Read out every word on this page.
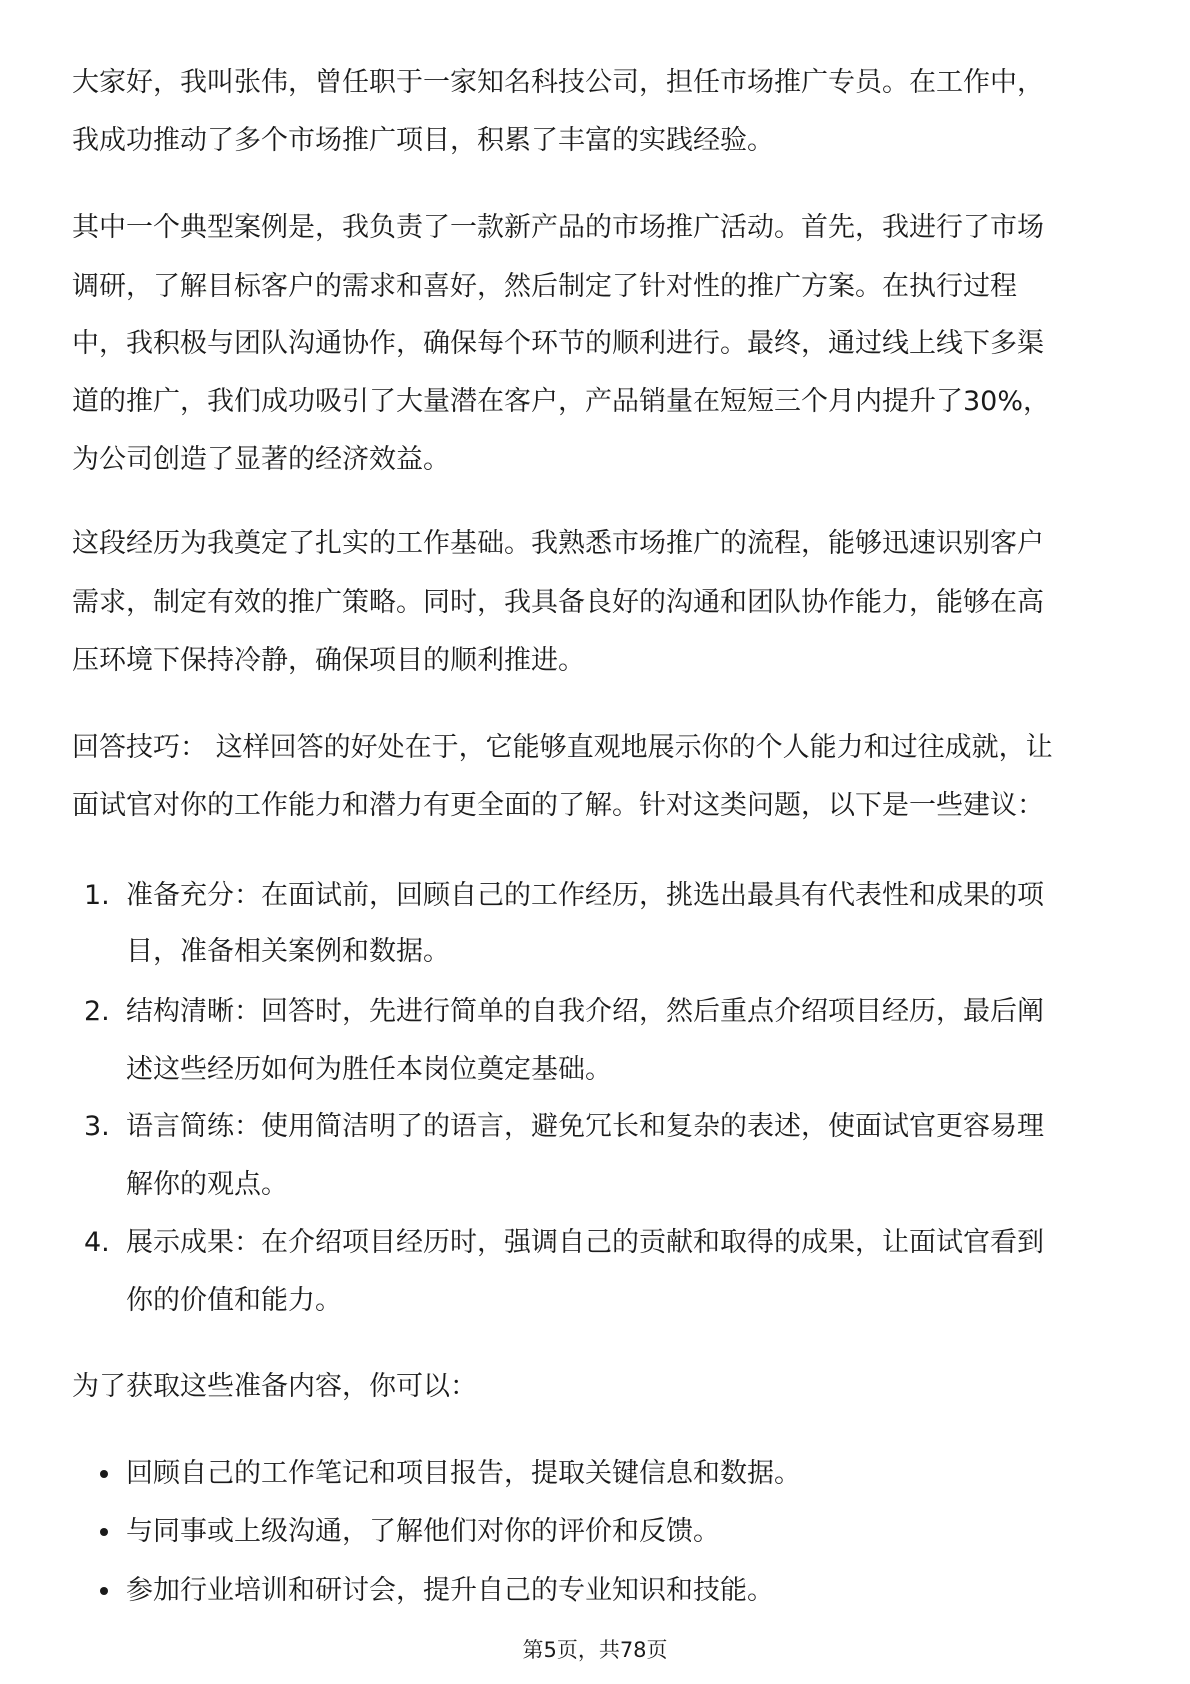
大家好，我叫张伟，曾任职于一家知名科技公司，担任市场推广专员。在工作中，
我成功推动了多个市场推广项目，积累了丰富的实践经验。
其中一个典型案例是，我负责了一款新产品的市场推广活动。首先，我进行了市场
调研，了解目标客户的需求和喜好，然后制定了针对性的推广方案。在执行过程
中，我积极与团队沟通协作，确保每个环节的顺利进行。最终，通过线上线下多渠
道的推广，我们成功吸引了大量潜在客户，产品销量在短短三个月内提升了30%，
为公司创造了显著的经济效益。
这段经历为我奠定了扎实的工作基础。我熟悉市场推广的流程，能够迅速识别客户
需求，制定有效的推广策略。同时，我具备良好的沟通和团队协作能力，能够在高
压环境下保持冷静，确保项目的顺利推进。
回答技巧： 这样回答的好处在于，它能够直观地展示你的个人能力和过往成就，让
面试官对你的工作能力和潜力有更全面的了解。针对这类问题，以下是一些建议：
1. 准备充分：在面试前，回顾自己的工作经历，挑选出最具有代表性和成果的项
目，准备相关案例和数据。
2. 结构清晰：回答时，先进行简单的自我介绍，然后重点介绍项目经历，最后阐
述这些经历如何为胜任本岗位奠定基础。
3. 语言简练：使用简洁明了的语言，避免冗长和复杂的表述，使面试官更容易理
解你的观点。
4. 展示成果：在介绍项目经历时，强调自己的贡献和取得的成果，让面试官看到
你的价值和能力。
为了获取这些准备内容，你可以：
回顾自己的工作笔记和项目报告，提取关键信息和数据。
与同事或上级沟通，了解他们对你的评价和反馈。
参加行业培训和研讨会，提升自己的专业知识和技能。
第5页，共78页
